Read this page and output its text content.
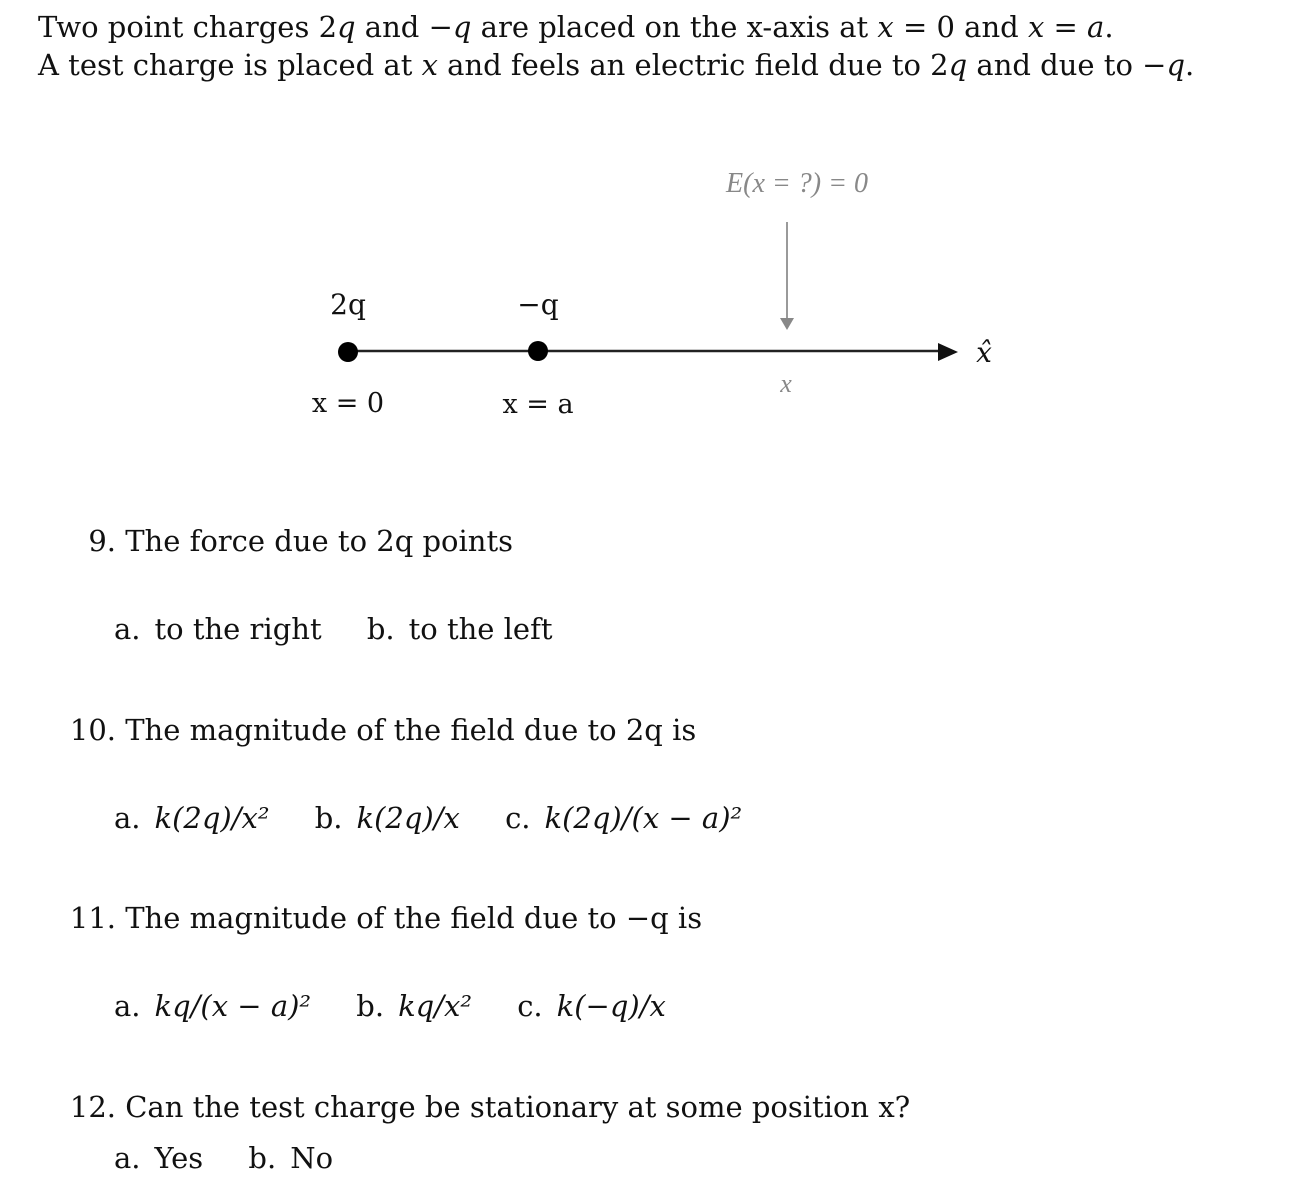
Two point charges 2q and −q are placed on the x-axis at x = 0 and x = a.
A test charge is placed at x and feels an electric field due to 2q and due to −q.
E(x = ?) = 0
2q	−q
x = 0	x = a
x
x̂
9. The force due to 2q points
a. to the right b. to the left
10. The magnitude of the field due to 2q is
a. k(2q)/x² b. k(2q)/x c. k(2q)/(x − a)²
11. The magnitude of the field due to −q is
a. kq/(x − a)² b. kq/x² c. k(−q)/x
12. Can the test charge be stationary at some position x?
a. Yes b. No
